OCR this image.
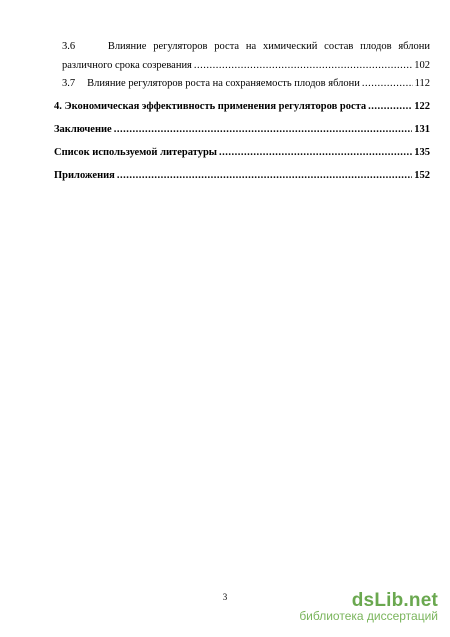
3.6	Влияние регуляторов роста на химический состав плодов яблони
различного срока созревания .....	102
3.7 Влияние регуляторов роста на сохраняемость плодов яблони .....	112
4. Экономическая эффективность применения регуляторов роста .....	122
Заключение .....	131
Список используемой литературы .....	135
Приложения .....	152
3	dsLib.net
библиотека диссертаций
